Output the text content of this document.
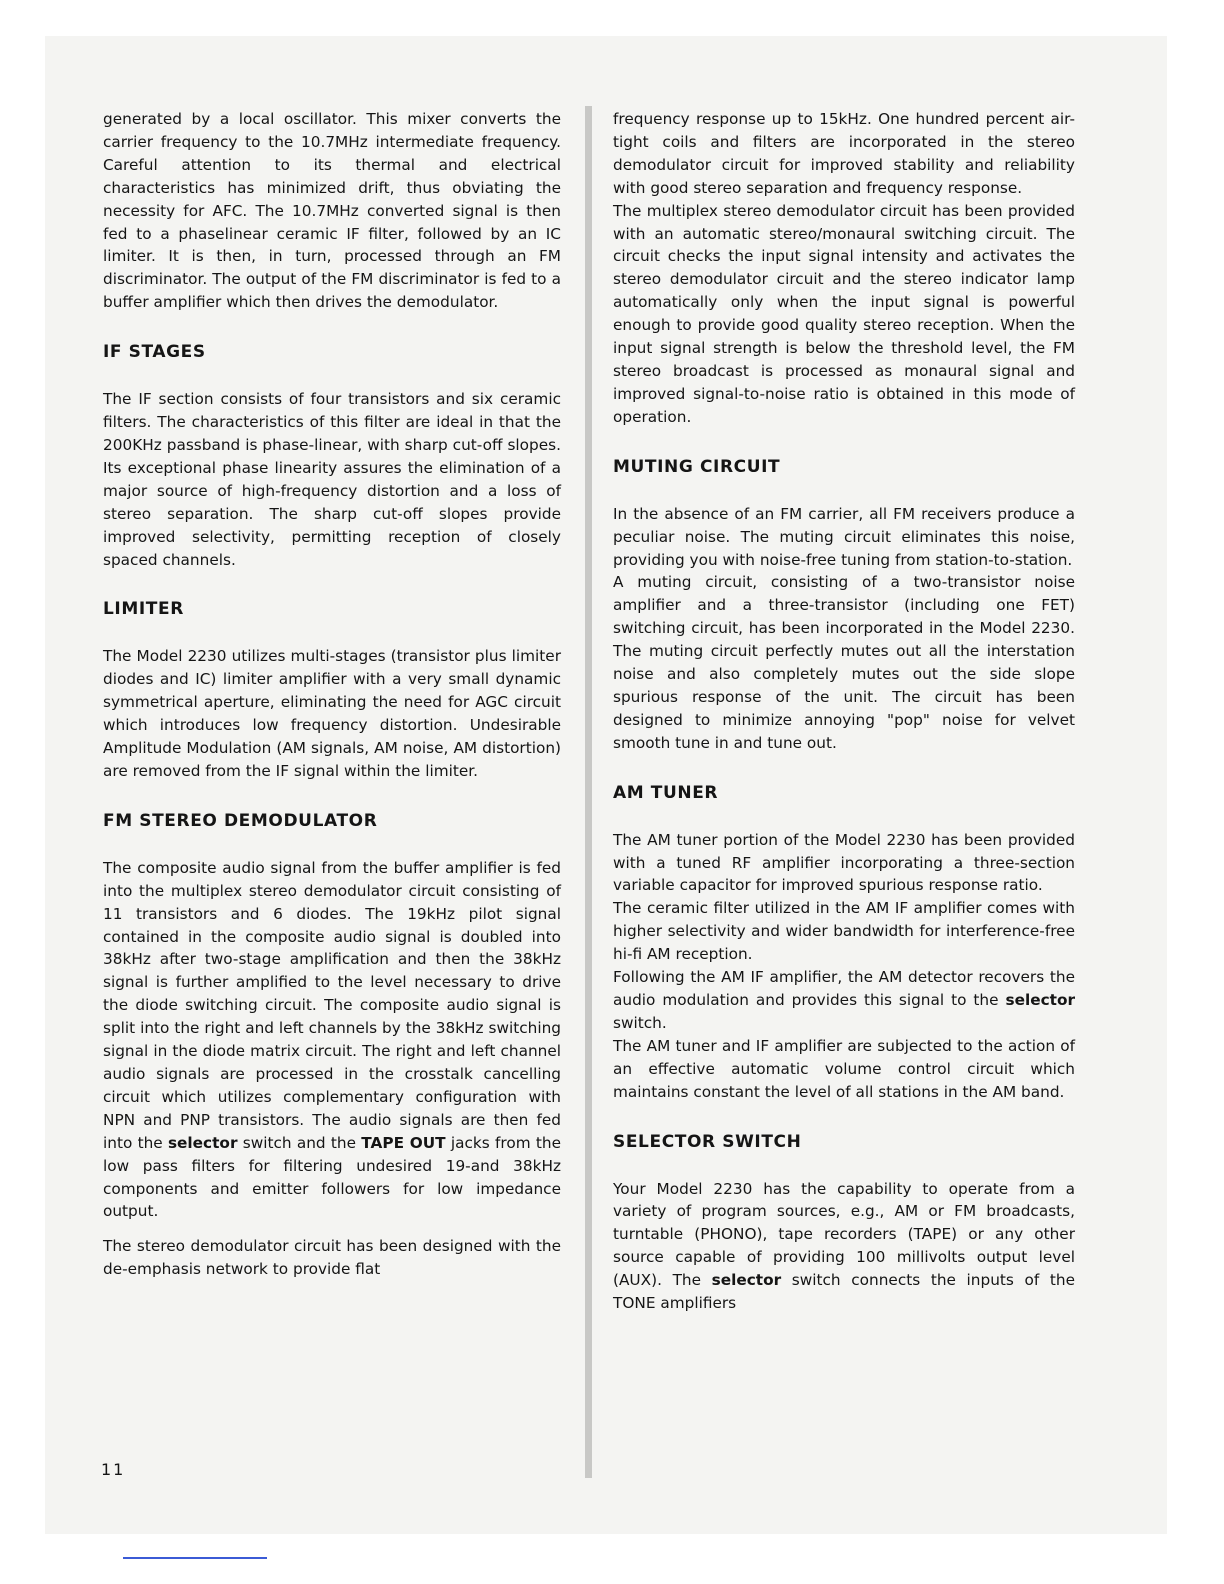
generated by a local oscillator. This mixer converts the carrier frequency to the 10.7MHz intermediate frequency. Careful attention to its thermal and electrical characteristics has minimized drift, thus obviating the necessity for AFC. The 10.7MHz converted signal is then fed to a phaselinear ceramic IF filter, followed by an IC limiter. It is then, in turn, processed through an FM discriminator. The output of the FM discriminator is fed to a buffer amplifier which then drives the demodulator.

IF STAGES

The IF section consists of four transistors and six ceramic filters. The characteristics of this filter are ideal in that the 200KHz passband is phase-linear, with sharp cut-off slopes. Its exceptional phase linearity assures the elimination of a major source of high-frequency distortion and a loss of stereo separation. The sharp cut-off slopes provide improved selectivity, permitting reception of closely spaced channels.

LIMITER

The Model 2230 utilizes multi-stages (transistor plus limiter diodes and IC) limiter amplifier with a very small dynamic symmetrical aperture, eliminating the need for AGC circuit which introduces low frequency distortion. Undesirable Amplitude Modulation (AM signals, AM noise, AM distortion) are removed from the IF signal within the limiter.

FM STEREO DEMODULATOR

The composite audio signal from the buffer amplifier is fed into the multiplex stereo demodulator circuit consisting of 11 transistors and 6 diodes. The 19kHz pilot signal contained in the composite audio signal is doubled into 38kHz after two-stage amplification and then the 38kHz signal is further amplified to the level necessary to drive the diode switching circuit. The composite audio signal is split into the right and left channels by the 38kHz switching signal in the diode matrix circuit. The right and left channel audio signals are processed in the crosstalk cancelling circuit which utilizes complementary configuration with NPN and PNP transistors. The audio signals are then fed into the selector switch and the TAPE OUT jacks from the low pass filters for filtering undesired 19-and 38kHz components and emitter followers for low impedance output.

The stereo demodulator circuit has been designed with the de-emphasis network to provide flat

frequency response up to 15kHz. One hundred percent air-tight coils and filters are incorporated in the stereo demodulator circuit for improved stability and reliability with good stereo separation and frequency response.

The multiplex stereo demodulator circuit has been provided with an automatic stereo/monaural switching circuit. The circuit checks the input signal intensity and activates the stereo demodulator circuit and the stereo indicator lamp automatically only when the input signal is powerful enough to provide good quality stereo reception. When the input signal strength is below the threshold level, the FM stereo broadcast is processed as monaural signal and improved signal-to-noise ratio is obtained in this mode of operation.

MUTING CIRCUIT

In the absence of an FM carrier, all FM receivers produce a peculiar noise. The muting circuit eliminates this noise, providing you with noise-free tuning from station-to-station.

A muting circuit, consisting of a two-transistor noise amplifier and a three-transistor (including one FET) switching circuit, has been incorporated in the Model 2230. The muting circuit perfectly mutes out all the interstation noise and also completely mutes out the side slope spurious response of the unit. The circuit has been designed to minimize annoying "pop" noise for velvet smooth tune in and tune out.

AM TUNER

The AM tuner portion of the Model 2230 has been provided with a tuned RF amplifier incorporating a three-section variable capacitor for improved spurious response ratio.

The ceramic filter utilized in the AM IF amplifier comes with higher selectivity and wider bandwidth for interference-free hi-fi AM reception.

Following the AM IF amplifier, the AM detector recovers the audio modulation and provides this signal to the selector switch.

The AM tuner and IF amplifier are subjected to the action of an effective automatic volume control circuit which maintains constant the level of all stations in the AM band.

SELECTOR SWITCH

Your Model 2230 has the capability to operate from a variety of program sources, e.g., AM or FM broadcasts, turntable (PHONO), tape recorders (TAPE) or any other source capable of providing 100 millivolts output level (AUX). The selector switch connects the inputs of the TONE amplifiers

11
